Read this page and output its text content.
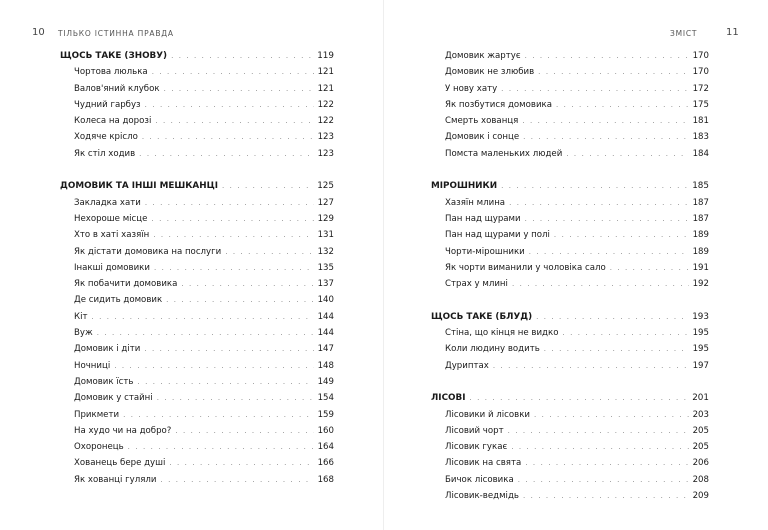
10 ТІЛЬКО ІСТИННА ПРАВДА
ЩОСЬ ТАКЕ (ЗНОВУ) . . .	119
Чортова люлька . . .	121
Валов'яний клубок . . .	121
Чудний гарбуз . . .	122
Колеса на дорозі . . .	122
Ходяче крісло . . .	123
Як стіл ходив . . .	123
ДОМОВИК ТА ІНШІ МЕШКАНЦІ . . .	125
Закладка хати . . .	127
Нехороше місце . . .	129
Хто в хаті хазяїн . . .	131
Як дістати домовика на послуги . . .	132
Інакші домовики . . .	135
Як побачити домовика . . .	137
Де сидить домовик . . .	140
Кіт . . .	144
Вуж . . .	144
Домовик і діти . . .	147
Ночниці . . .	148
Домовик їсть . . .	149
Домовик у стайні . . .	154
Прикмети . . .	159
На худо чи на добро? . . .	160
Охоронець . . .	164
Хованець бере душі . . .	166
Як хованці гуляли . . .	168
ЗМІСТ	11
Домовик жартує . . .	170
Домовик не злюбив . . .	170
У нову хату . . .	172
Як позбутися домовика . . .	175
Смерть хованця . . .	181
Домовик і сонце . . .	183
Помста маленьких людей . . .	184
МІРОШНИКИ . . .	185
Хазяїн млина . . .	187
Пан над щурами . . .	187
Пан над щурами у полі . . .	189
Чорти-мірошники . . .	189
Як чорти виманили у чоловіка сало . . .	191
Страх у млині . . .	192
ЩОСЬ ТАКЕ (БЛУД) . . .	193
Стіна, що кінця не видко . . .	195
Коли людину водить . . .	195
Дуриптах . . .	197
ЛІСОВІ . . .	201
Лісовики й лісовки . . .	203
Лісовий чорт . . .	205
Лісовик гукає . . .	205
Лісовик на свята . . .	206
Бичок лісовика . . .	208
Лісовик-ведмідь . . .	209
